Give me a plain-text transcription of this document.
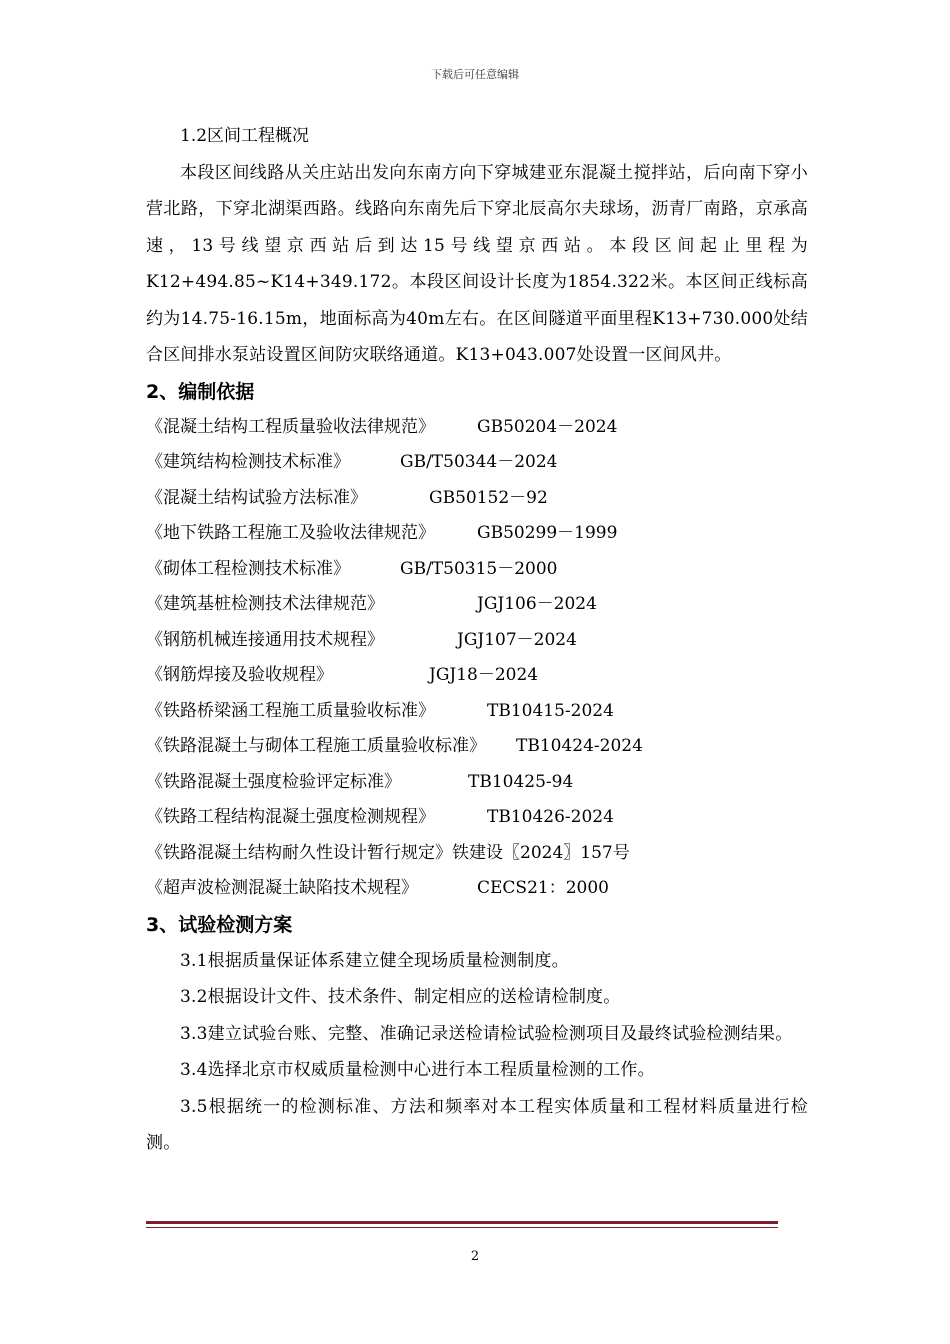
下载后可任意编辑

1.2区间工程概况

本段区间线路从关庄站出发向东南方向下穿城建亚东混凝土搅拌站，后向南下穿小营北路，下穿北湖渠西路。线路向东南先后下穿北辰高尔夫球场，沥青厂南路，京承高速，13号线望京西站后到达15号线望京西站。本段区间起止里程为K12+494.85~K14+349.172。本段区间设计长度为1854.322米。本区间正线标高约为14.75-16.15m，地面标高为40m左右。在区间隧道平面里程K13+730.000处结合区间排水泵站设置区间防灾联络通道。K13+043.007处设置一区间风井。

2、编制依据
《混凝土结构工程质量验收法律规范》	GB50204－2024
《建筑结构检测技术标准》	GB/T50344－2024
《混凝土结构试验方法标准》	GB50152－92
《地下铁路工程施工及验收法律规范》	GB50299－1999
《砌体工程检测技术标准》	GB/T50315－2000
《建筑基桩检测技术法律规范》	JGJ106－2024
《钢筋机械连接通用技术规程》	JGJ107－2024
《钢筋焊接及验收规程》	JGJ18－2024
《铁路桥梁涵工程施工质量验收标准》	TB10415-2024
《铁路混凝土与砌体工程施工质量验收标准》	TB10424-2024
《铁路混凝土强度检验评定标准》	TB10425-94
《铁路工程结构混凝土强度检测规程》	TB10426-2024
《铁路混凝土结构耐久性设计暂行规定》 铁建设〖2024〗157号
《超声波检测混凝土缺陷技术规程》	CECS21：2000
3、试验检测方案

3.1根据质量保证体系建立健全现场质量检测制度。

3.2根据设计文件、技术条件、制定相应的送检请检制度。

3.3建立试验台账、完整、准确记录送检请检试验检测项目及最终试验检测结果。

3.4选择北京市权威质量检测中心进行本工程质量检测的工作。

3.5根据统一的检测标准、方法和频率对本工程实体质量和工程材料质量进行检测。

2
